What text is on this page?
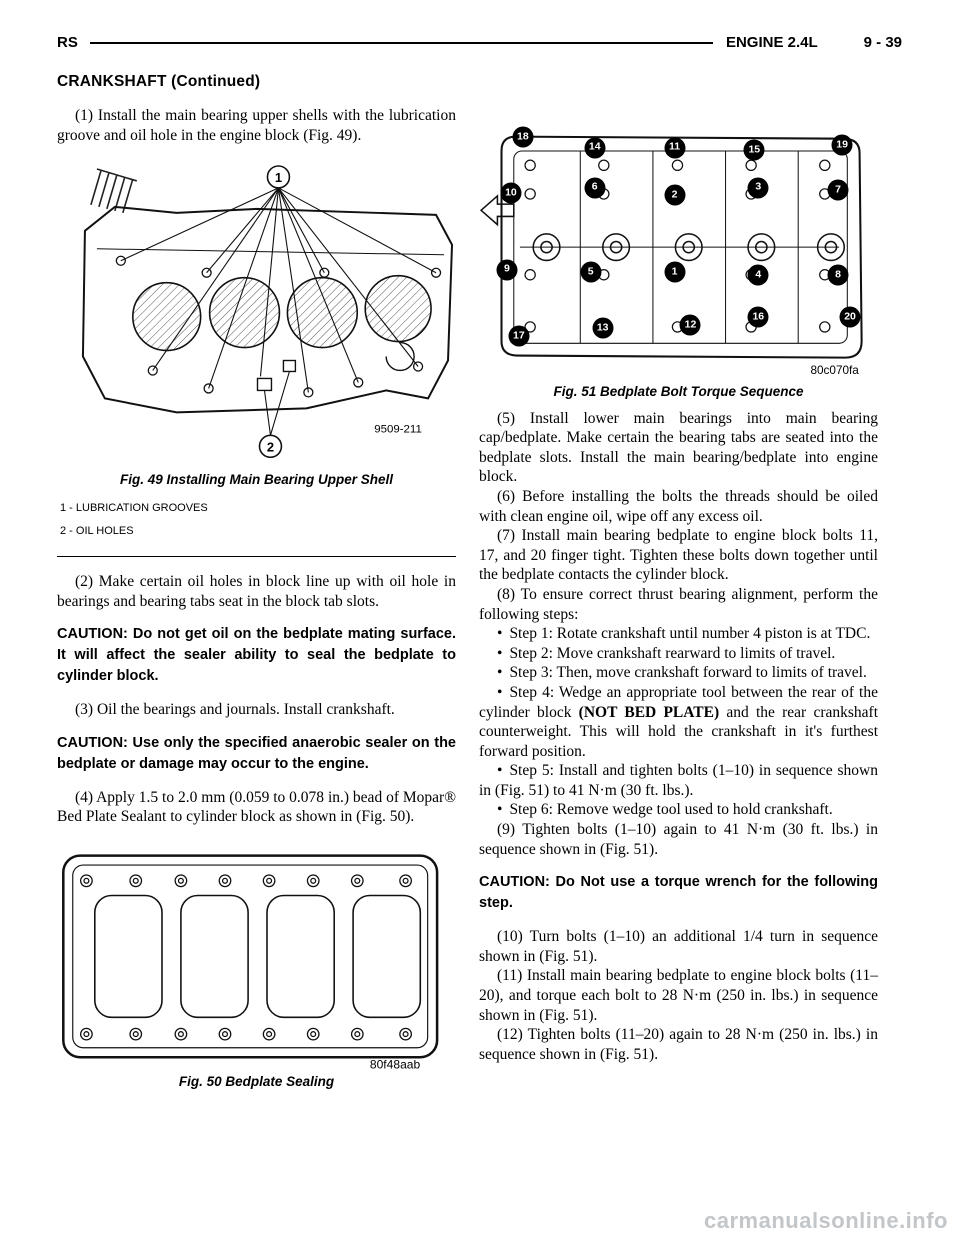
RS	ENGINE 2.4L	9 - 39
CRANKSHAFT (Continued)

(1) Install the main bearing upper shells with the lubrication groove and oil hole in the engine block (Fig. 49).

1
2
9509-211
Fig. 49 Installing Main Bearing Upper Shell
1 - LUBRICATION GROOVES
2 - OIL HOLES

(2) Make certain oil holes in block line up with oil hole in bearings and bearing tabs seat in the block tab slots.

CAUTION: Do not get oil on the bedplate mating surface. It will affect the sealer ability to seal the bedplate to cylinder block.

(3) Oil the bearings and journals. Install crankshaft.

CAUTION: Use only the specified anaerobic sealer on the bedplate or damage may occur to the engine.

(4) Apply 1.5 to 2.0 mm (0.059 to 0.078 in.) bead of Mopar® Bed Plate Sealant to cylinder block as shown in (Fig. 50).

80f48aab
Fig. 50 Bedplate Sealing
80c070fa
18
14	11	15	19
10	6
2
3	7
9	5	1	4	8
17
13	12
16	20
Fig. 51 Bedplate Bolt Torque Sequence

(5) Install lower main bearings into main bearing cap/bedplate. Make certain the bearing tabs are seated into the bedplate slots. Install the main bearing/bedplate into engine block.

(6) Before installing the bolts the threads should be oiled with clean engine oil, wipe off any excess oil.

(7) Install main bearing bedplate to engine block bolts 11, 17, and 20 finger tight. Tighten these bolts down together until the bedplate contacts the cylinder block.

(8) To ensure correct thrust bearing alignment, perform the following steps:

• Step 1: Rotate crankshaft until number 4 piston is at TDC.

• Step 2: Move crankshaft rearward to limits of travel.

• Step 3: Then, move crankshaft forward to limits of travel.

• Step 4: Wedge an appropriate tool between the rear of the cylinder block (NOT BED PLATE) and the rear crankshaft counterweight. This will hold the crankshaft in it's furthest forward position.

• Step 5: Install and tighten bolts (1–10) in sequence shown in (Fig. 51) to 41 N·m (30 ft. lbs.).

• Step 6: Remove wedge tool used to hold crankshaft.

(9) Tighten bolts (1–10) again to 41 N·m (30 ft. lbs.) in sequence shown in (Fig. 51).

CAUTION: Do Not use a torque wrench for the following step.

(10) Turn bolts (1–10) an additional 1/4 turn in sequence shown in (Fig. 51).

(11) Install main bearing bedplate to engine block bolts (11–20), and torque each bolt to 28 N·m (250 in. lbs.) in sequence shown in (Fig. 51).

(12) Tighten bolts (11–20) again to 28 N·m (250 in. lbs.) in sequence shown in (Fig. 51).

carmanualsonline.info
